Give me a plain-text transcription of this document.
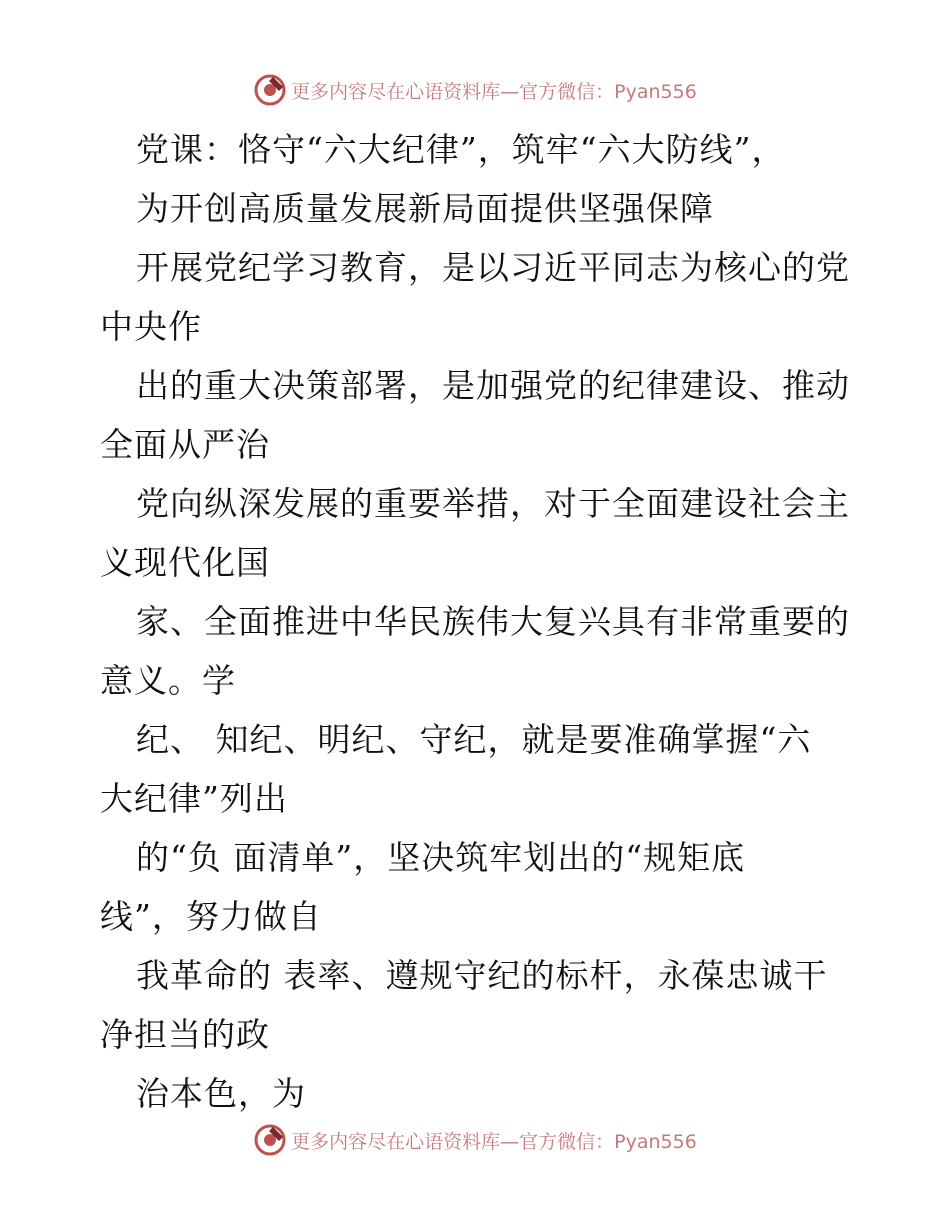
更多内容尽在心语资料库—官方微信：Pyan556
党课：恪守“六大纪律”，筑牢“六大防线”，
为开创高质量发展新局面提供坚强保障
开展党纪学习教育，是以习近平同志为核心的党
中央作
出的重大决策部署，是加强党的纪律建设、推动
全面从严治
党向纵深发展的重要举措，对于全面建设社会主
义现代化国
家、全面推进中华民族伟大复兴具有非常重要的
意义。学
纪、 知纪、明纪、守纪，就是要准确掌握“六
大纪律”列出
的“负 面清单”，坚决筑牢划出的“规矩底
线”，努力做自
我革命的 表率、遵规守纪的标杆，永葆忠诚干
净担当的政
治本色，为
更多内容尽在心语资料库—官方微信：Pyan556
